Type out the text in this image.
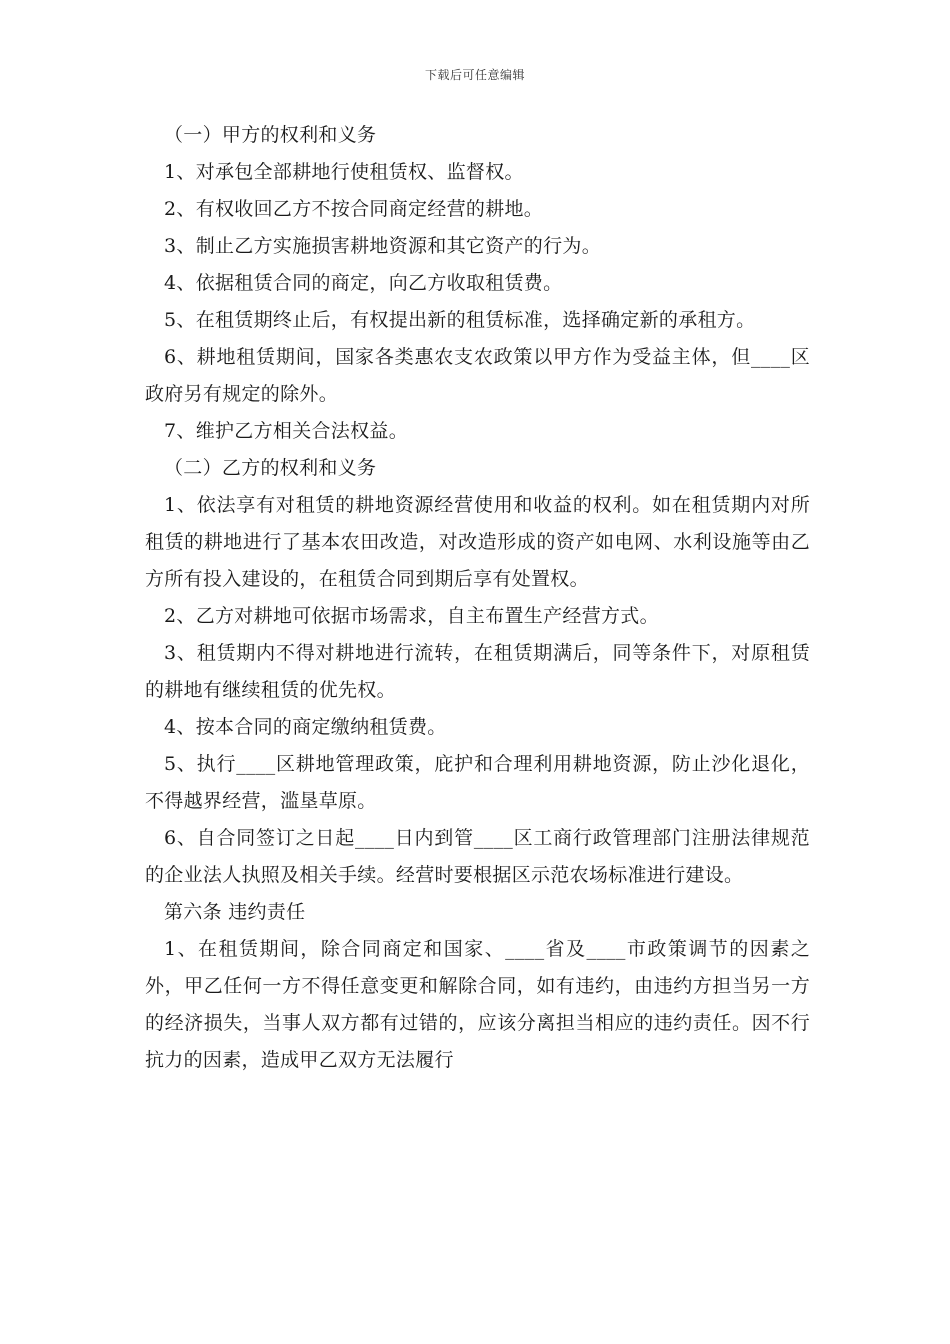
下载后可任意编辑

（一）甲方的权利和义务

1、对承包全部耕地行使租赁权、监督权。

2、有权收回乙方不按合同商定经营的耕地。

3、制止乙方实施损害耕地资源和其它资产的行为。

4、依据租赁合同的商定，向乙方收取租赁费。

5、在租赁期终止后，有权提出新的租赁标准，选择确定新的承租方。

6、耕地租赁期间，国家各类惠农支农政策以甲方作为受益主体，但____区政府另有规定的除外。

7、维护乙方相关合法权益。

（二）乙方的权利和义务

1、依法享有对租赁的耕地资源经营使用和收益的权利。如在租赁期内对所租赁的耕地进行了基本农田改造，对改造形成的资产如电网、水利设施等由乙方所有投入建设的，在租赁合同到期后享有处置权。

2、乙方对耕地可依据市场需求，自主布置生产经营方式。

3、租赁期内不得对耕地进行流转，在租赁期满后，同等条件下，对原租赁的耕地有继续租赁的优先权。

4、按本合同的商定缴纳租赁费。

5、执行____区耕地管理政策，庇护和合理利用耕地资源，防止沙化退化，不得越界经营，滥垦草原。

6、自合同签订之日起____日内到管____区工商行政管理部门注册法律规范的企业法人执照及相关手续。经营时要根据区示范农场标准进行建设。

第六条 违约责任

1、在租赁期间，除合同商定和国家、____省及____市政策调节的因素之外，甲乙任何一方不得任意变更和解除合同，如有违约，由违约方担当另一方的经济损失，当事人双方都有过错的，应该分离担当相应的违约责任。因不行抗力的因素，造成甲乙双方无法履行
